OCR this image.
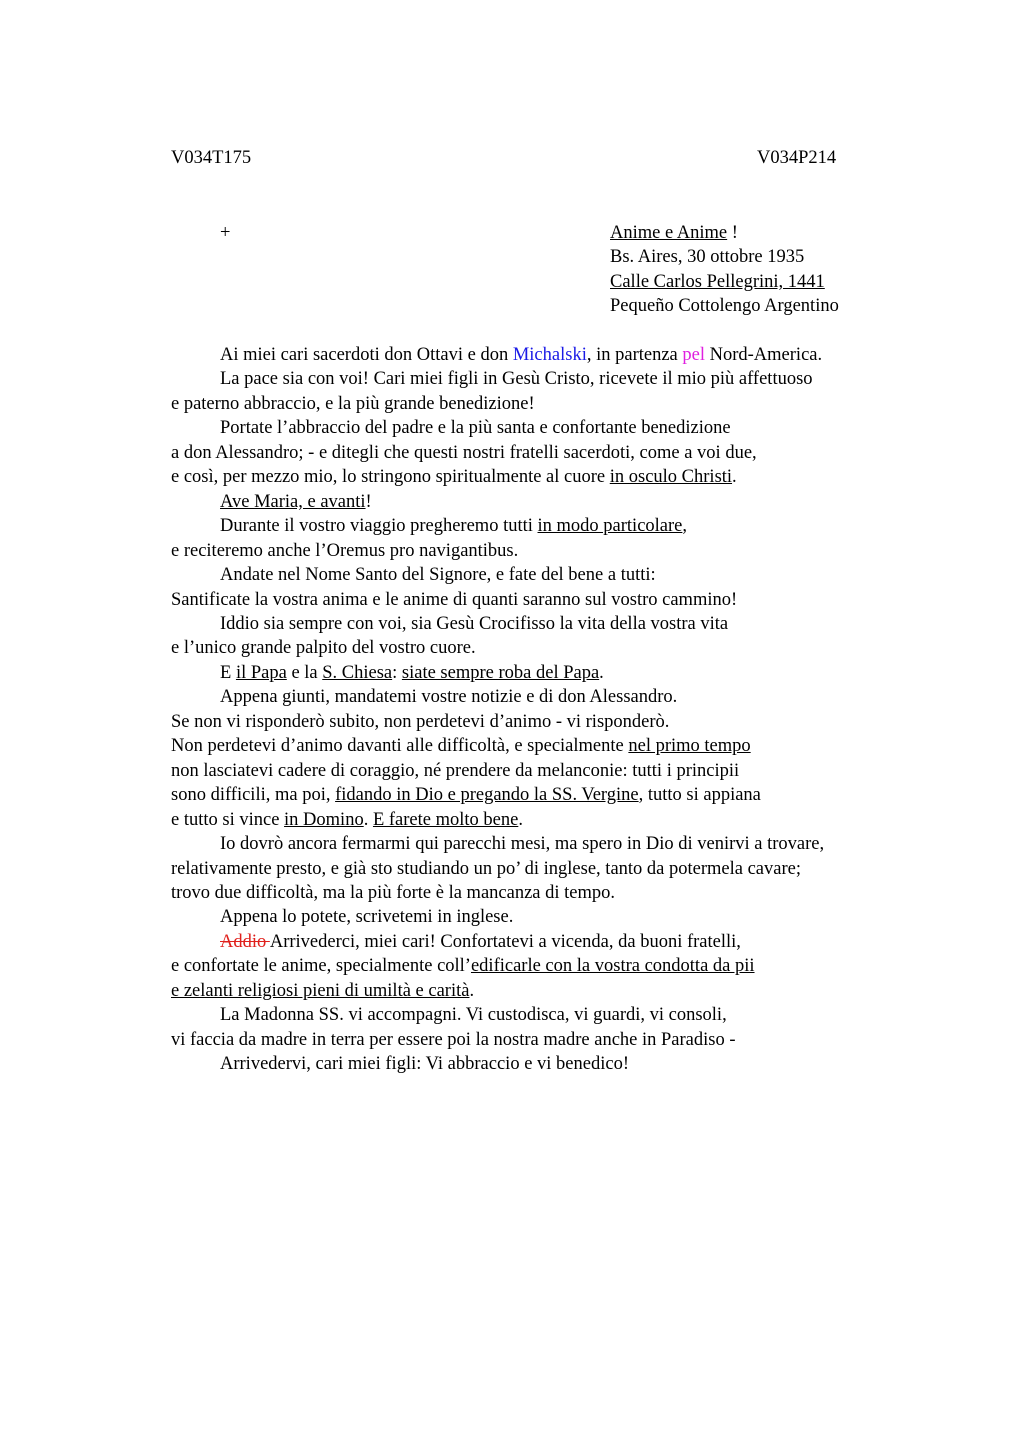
V034T175	V034P214
+	Anime e Anime !
Bs. Aires, 30 ottobre 1935
Calle Carlos Pellegrini, 1441
Pequeño Cottolengo Argentino
Ai miei cari sacerdoti don Ottavi e don Michalski, in partenza pel Nord-America.
La pace sia con voi! Cari miei figli in Gesù Cristo, ricevete il mio più affettuoso
e paterno abbraccio, e la più grande benedizione!
Portate l’abbraccio del padre e la più santa e confortante benedizione
a don Alessandro; - e ditegli che questi nostri fratelli sacerdoti, come a voi due,
e così, per mezzo mio, lo stringono spiritualmente al cuore in osculo Christi.
Ave Maria, e avanti!
Durante il vostro viaggio pregheremo tutti in modo particolare,
e reciteremo anche l’Oremus pro navigantibus.
Andate nel Nome Santo del Signore, e fate del bene a tutti:
Santificate la vostra anima e le anime di quanti saranno sul vostro cammino!
Iddio sia sempre con voi, sia Gesù Crocifisso la vita della vostra vita
e l’unico grande palpito del vostro cuore.
E il Papa e la S. Chiesa: siate sempre roba del Papa.
Appena giunti, mandatemi vostre notizie e di don Alessandro.
Se non vi risponderò subito, non perdetevi d’animo - vi risponderò.
Non perdetevi d’animo davanti alle difficoltà, e specialmente nel primo tempo
non lasciatevi cadere di coraggio, né prendere da melanconie: tutti i principii
sono difficili, ma poi, fidando in Dio e pregando la SS. Vergine, tutto si appiana
e tutto si vince in Domino. E farete molto bene.
Io dovrò ancora fermarmi qui parecchi mesi, ma spero in Dio di venirvi a trovare,
relativamente presto, e già sto studiando un po’ di inglese, tanto da potermela cavare;
trovo due difficoltà, ma la più forte è la mancanza di tempo.
Appena lo potete, scrivetemi in inglese.
Addio Arrivederci, miei cari! Confortatevi a vicenda, da buoni fratelli,
e confortate le anime, specialmente coll’edificarle con la vostra condotta da pii
e zelanti religiosi pieni di umiltà e carità.
La Madonna SS. vi accompagni. Vi custodisca, vi guardi, vi consoli,
vi faccia da madre in terra per essere poi la nostra madre anche in Paradiso -
Arrivedervi, cari miei figli: Vi abbraccio e vi benedico!
